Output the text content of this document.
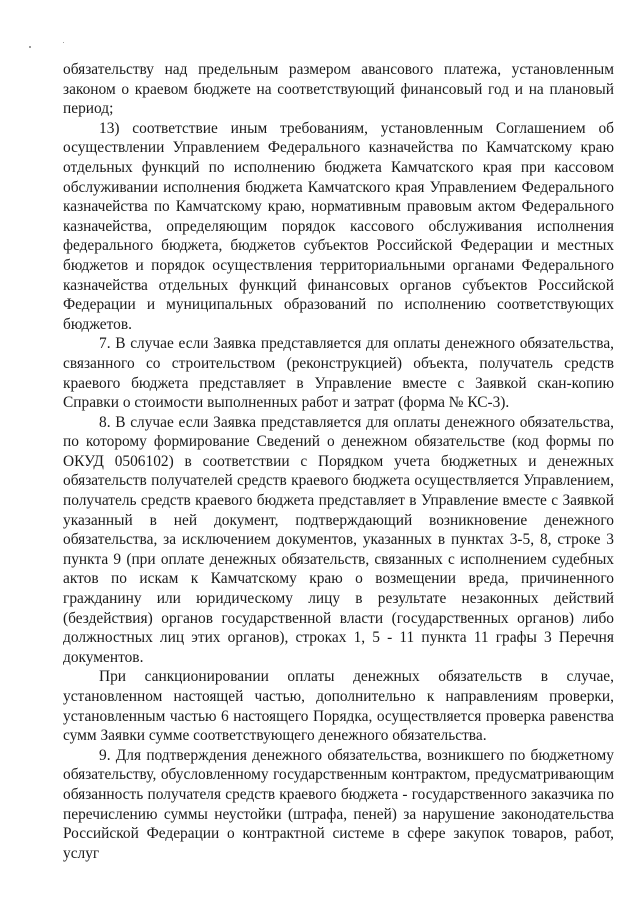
обязательству над предельным размером авансового платежа, установленным законом о краевом бюджете на соответствующий финансовый год и на плановый период;

13) соответствие иным требованиям, установленным Соглашением об осуществлении Управлением Федерального казначейства по Камчатскому краю отдельных функций по исполнению бюджета Камчатского края при кассовом обслуживании исполнения бюджета Камчатского края Управлением Федерального казначейства по Камчатскому краю, нормативным правовым актом Федерального казначейства, определяющим порядок кассового обслуживания исполнения федерального бюджета, бюджетов субъектов Российской Федерации и местных бюджетов и порядок осуществления территориальными органами Федерального казначейства отдельных функций финансовых органов субъектов Российской Федерации и муниципальных образований по исполнению соответствующих бюджетов.

7. В случае если Заявка представляется для оплаты денежного обязательства, связанного со строительством (реконструкцией) объекта, получатель средств краевого бюджета представляет в Управление вместе с Заявкой скан-копию Справки о стоимости выполненных работ и затрат (форма № КС-3).

8. В случае если Заявка представляется для оплаты денежного обязательства, по которому формирование Сведений о денежном обязательстве (код формы по ОКУД 0506102) в соответствии с Порядком учета бюджетных и денежных обязательств получателей средств краевого бюджета осуществляется Управлением, получатель средств краевого бюджета представляет в Управление вместе с Заявкой указанный в ней документ, подтверждающий возникновение денежного обязательства, за исключением документов, указанных в пунктах 3-5, 8, строке 3 пункта 9 (при оплате денежных обязательств, связанных с исполнением судебных актов по искам к Камчатскому краю о возмещении вреда, причиненного гражданину или юридическому лицу в результате незаконных действий (бездействия) органов государственной власти (государственных органов) либо должностных лиц этих органов), строках 1, 5 - 11 пункта 11 графы 3 Перечня документов.

При санкционировании оплаты денежных обязательств в случае, установленном настоящей частью, дополнительно к направлениям проверки, установленным частью 6 настоящего Порядка, осуществляется проверка равенства сумм Заявки сумме соответствующего денежного обязательства.

9. Для подтверждения денежного обязательства, возникшего по бюджетному обязательству, обусловленному государственным контрактом, предусматривающим обязанность получателя средств краевого бюджета - государственного заказчика по перечислению суммы неустойки (штрафа, пеней) за нарушение законодательства Российской Федерации о контрактной системе в сфере закупок товаров, работ, услуг
